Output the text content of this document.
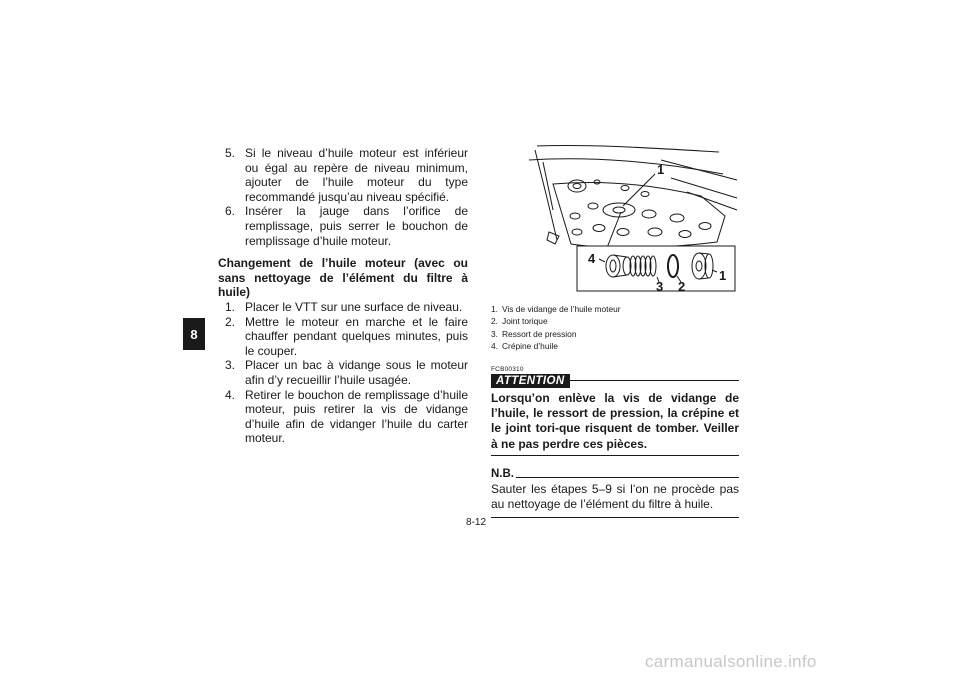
8
5. Si le niveau d’huile moteur est inférieur ou égal au repère de niveau minimum, ajouter de l’huile moteur du type recommandé jusqu’au niveau spécifié.
6. Insérer la jauge dans l’orifice de remplissage, puis serrer le bouchon de remplissage d’huile moteur.
Changement de l’huile moteur (avec ou sans nettoyage de l’élément du filtre à huile)
1. Placer le VTT sur une surface de niveau.
2. Mettre le moteur en marche et le faire chauffer pendant quelques minutes, puis le couper.
3. Placer un bac à vidange sous le moteur afin d’y recueillir l’huile usagée.
4. Retirer le bouchon de remplissage d’huile moteur, puis retirer la vis de vidange d’huile afin de vidanger l’huile du carter moteur.
1
4
3 2
1
1. Vis de vidange de l’huile moteur
2. Joint torique
3. Ressort de pression
4. Crépine d’huile
FCB00310
ATTENTION
Lorsqu’on enlève la vis de vidange de l’huile, le ressort de pression, la crépine et le joint tori-que risquent de tomber. Veiller à ne pas perdre ces pièces.
N.B.
Sauter les étapes 5–9 si l’on ne procède pas au nettoyage de l’élément du filtre à huile.
8-12
carmanualsonline.info
